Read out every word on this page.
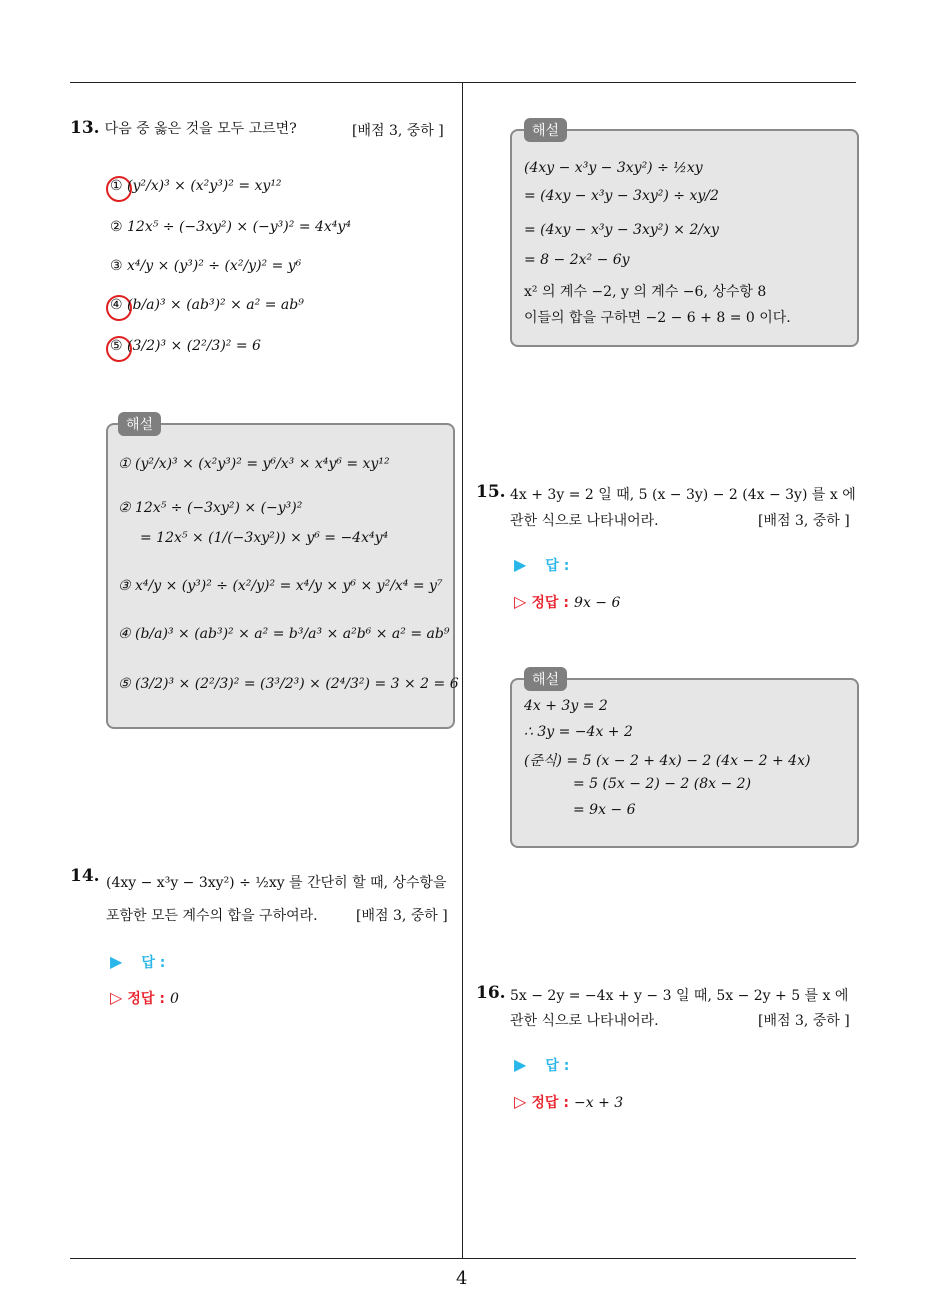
13. 다음 중 옳은 것을 모두 고르면?	[배점 3, 중하 ]
① (y²/x)³ × (x²y³)² = xy¹²
② 12x⁵ ÷ (−3xy²) × (−y³)² = 4x⁴y⁴
③ x⁴/y × (y³)² ÷ (x²/y)² = y⁶
④ (b/a)³ × (ab³)² × a² = ab⁹
⑤ (3/2)³ × (2²/3)² = 6
해설
① (y²/x)³ × (x²y³)² = y⁶/x³ × x⁴y⁶ = xy¹²
② 12x⁵ ÷ (−3xy²) × (−y³)²
= 12x⁵ × (1/(−3xy²)) × y⁶ = −4x⁴y⁴
③ x⁴/y × (y³)² ÷ (x²/y)² = x⁴/y × y⁶ × y²/x⁴ = y⁷
④ (b/a)³ × (ab³)² × a² = b³/a³ × a²b⁶ × a² = ab⁹
⑤ (3/2)³ × (2²/3)² = (3³/2³) × (2⁴/3²) = 3 × 2 = 6
14. (4xy − x³y − 3xy²) ÷ ½xy 를 간단히 할 때, 상수항을
포함한 모든 계수의 합을 구하여라.	[배점 3, 중하 ]
▶ 답 :
▷ 정답 : 0
해설
(4xy − x³y − 3xy²) ÷ ½xy
= (4xy − x³y − 3xy²) ÷ xy/2
= (4xy − x³y − 3xy²) × 2/xy
= 8 − 2x² − 6y
x² 의 계수 −2, y 의 계수 −6, 상수항 8
이들의 합을 구하면 −2 − 6 + 8 = 0 이다.
15. 4x + 3y = 2 일 때, 5 (x − 3y) − 2 (4x − 3y) 를 x 에
관한 식으로 나타내어라.	[배점 3, 중하 ]
▶ 답 :
▷ 정답 : 9x − 6
해설
4x + 3y = 2
∴ 3y = −4x + 2
(준식) = 5 (x − 2 + 4x) − 2 (4x − 2 + 4x)
= 5 (5x − 2) − 2 (8x − 2)
= 9x − 6
16. 5x − 2y = −4x + y − 3 일 때, 5x − 2y + 5 를 x 에
관한 식으로 나타내어라.	[배점 3, 중하 ]
▶ 답 :
▷ 정답 : −x + 3
4
